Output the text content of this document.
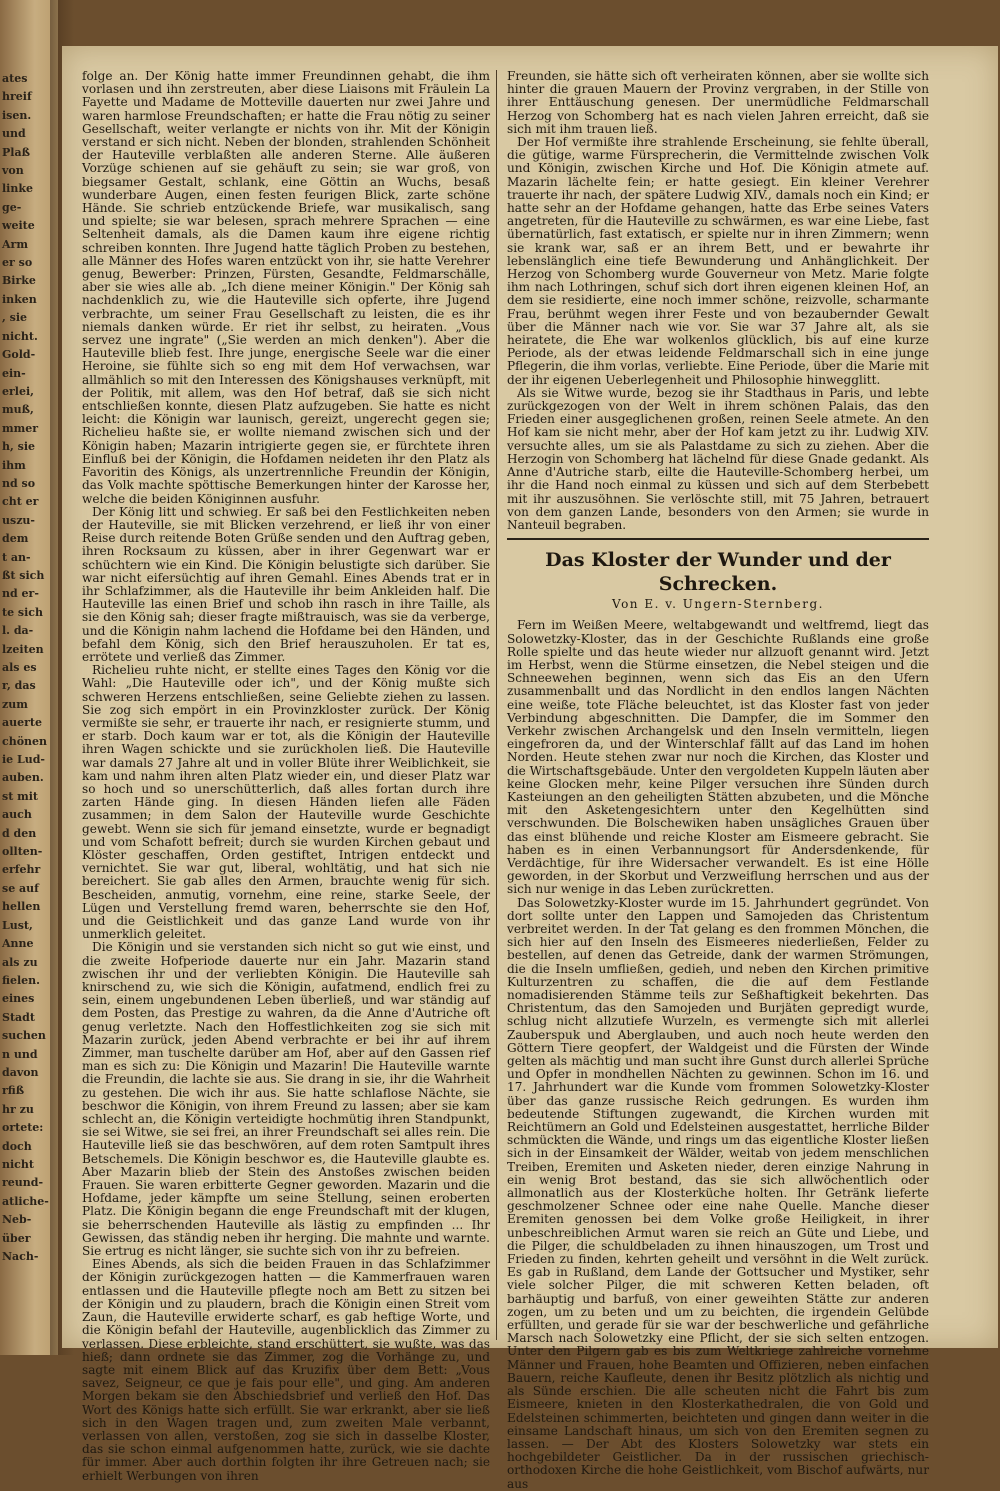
ates
hreif
isen.
und
Plaß
von
linke
ge-
weite
Arm
er so
Birke
inken
, sie
nicht.
Gold-
ein-
erlei,
muß,
mmer
h, sie
ihm
nd so
cht er
uszu-
dem
t an-
ßt sich
nd er-
te sich
l. da-
lzeiten
als es
r, das
zum
auerte
chönen
ie Lud-
auben.
st mit
auch
d den
ollten-
erfehr
se auf
hellen
Lust,
Anne
als zu
fielen.
eines
Stadt
suchen
n und
davon
rfiß
hr zu
ortete:
doch
nicht
reund-
atliche-
Neb-
über
Nach-

folge an. Der König hatte immer Freundinnen gehabt, die ihm vorlasen und ihn zerstreuten, aber diese Liaisons mit Fräulein La Fayette und Madame de Motteville dauerten nur zwei Jahre und waren harmlose Freundschaften; er hatte die Frau nötig zu seiner Gesellschaft, weiter verlangte er nichts von ihr. Mit der Königin verstand er sich nicht. Neben der blonden, strahlenden Schönheit der Hauteville verblaßten alle anderen Sterne. Alle äußeren Vorzüge schienen auf sie gehäuft zu sein; sie war groß, von biegsamer Gestalt, schlank, eine Göttin an Wuchs, besaß wunderbare Augen, einen festen feurigen Blick, zarte schöne Hände. Sie schrieb entzückende Briefe, war musikalisch, sang und spielte; sie war belesen, sprach mehrere Sprachen — eine Seltenheit damals, als die Damen kaum ihre eigene richtig schreiben konnten. Ihre Jugend hatte täglich Proben zu bestehen, alle Männer des Hofes waren entzückt von ihr, sie hatte Verehrer genug, Bewerber: Prinzen, Fürsten, Gesandte, Feldmarschälle, aber sie wies alle ab. „Ich diene meiner Königin." Der König sah nachdenklich zu, wie die Hauteville sich opferte, ihre Jugend verbrachte, um seiner Frau Gesellschaft zu leisten, die es ihr niemals danken würde. Er riet ihr selbst, zu heiraten. „Vous servez une ingrate" („Sie werden an mich denken"). Aber die Hauteville blieb fest. Ihre junge, energische Seele war die einer Heroine, sie fühlte sich so eng mit dem Hof verwachsen, war allmählich so mit den Interessen des Königshauses verknüpft, mit der Politik, mit allem, was den Hof betraf, daß sie sich nicht entschließen konnte, diesen Platz aufzugeben. Sie hatte es nicht leicht: die Königin war launisch, gereizt, ungerecht gegen sie; Richelieu haßte sie, er wollte niemand zwischen sich und der Königin haben; Mazarin intrigierte gegen sie, er fürchtete ihren Einfluß bei der Königin, die Hofdamen neideten ihr den Platz als Favoritin des Königs, als unzertrennliche Freundin der Königin, das Volk machte spöttische Bemerkungen hinter der Karosse her, welche die beiden Königinnen ausfuhr.

Der König litt und schwieg. Er saß bei den Festlichkeiten neben der Hauteville, sie mit Blicken verzehrend, er ließ ihr von einer Reise durch reitende Boten Grüße senden und den Auftrag geben, ihren Rocksaum zu küssen, aber in ihrer Gegenwart war er schüchtern wie ein Kind. Die Königin belustigte sich darüber. Sie war nicht eifersüchtig auf ihren Gemahl. Eines Abends trat er in ihr Schlafzimmer, als die Hauteville ihr beim Ankleiden half. Die Hauteville las einen Brief und schob ihn rasch in ihre Taille, als sie den König sah; dieser fragte mißtrauisch, was sie da verberge, und die Königin nahm lachend die Hofdame bei den Händen, und befahl dem König, sich den Brief herauszuholen. Er tat es, errötete und verließ das Zimmer.

Richelieu ruhte nicht, er stellte eines Tages den König vor die Wahl: „Die Hauteville oder ich", und der König mußte sich schweren Herzens entschließen, seine Geliebte ziehen zu lassen. Sie zog sich empört in ein Provinzkloster zurück. Der König vermißte sie sehr, er trauerte ihr nach, er resignierte stumm, und er starb. Doch kaum war er tot, als die Königin der Hauteville ihren Wagen schickte und sie zurückholen ließ. Die Hauteville war damals 27 Jahre alt und in voller Blüte ihrer Weiblichkeit, sie kam und nahm ihren alten Platz wieder ein, und dieser Platz war so hoch und so unerschütterlich, daß alles fortan durch ihre zarten Hände ging. In diesen Händen liefen alle Fäden zusammen; in dem Salon der Hauteville wurde Geschichte gewebt. Wenn sie sich für jemand einsetzte, wurde er begnadigt und vom Schafott befreit; durch sie wurden Kirchen gebaut und Klöster geschaffen, Orden gestiftet, Intrigen entdeckt und vernichtet. Sie war gut, liberal, wohltätig, und hat sich nie bereichert. Sie gab alles den Armen, brauchte wenig für sich. Bescheiden, anmutig, vornehm, eine reine, starke Seele, der Lügen und Verstellung fremd waren, beherrschte sie den Hof, und die Geistlichkeit und das ganze Land wurde von ihr unmerklich geleitet.

Die Königin und sie verstanden sich nicht so gut wie einst, und die zweite Hofperiode dauerte nur ein Jahr. Mazarin stand zwischen ihr und der verliebten Königin. Die Hauteville sah knirschend zu, wie sich die Königin, aufatmend, endlich frei zu sein, einem ungebundenen Leben überließ, und war ständig auf dem Posten, das Prestige zu wahren, da die Anne d'Autriche oft genug verletzte. Nach den Hoffestlichkeiten zog sie sich mit Mazarin zurück, jeden Abend verbrachte er bei ihr auf ihrem Zimmer, man tuschelte darüber am Hof, aber auf den Gassen rief man es sich zu: Die Königin und Mazarin! Die Hauteville warnte die Freundin, die lachte sie aus. Sie drang in sie, ihr die Wahrheit zu gestehen. Die wich ihr aus. Sie hatte schlaflose Nächte, sie beschwor die Königin, von ihrem Freund zu lassen; aber sie kam schlecht an, die Königin verteidigte hochmütig ihren Standpunkt, sie sei Witwe, sie sei frei, an ihrer Freundschaft sei alles rein. Die Hauteville ließ sie das beschwören, auf dem roten Samtpult ihres Betschemels. Die Königin beschwor es, die Hauteville glaubte es. Aber Mazarin blieb der Stein des Anstoßes zwischen beiden Frauen. Sie waren erbitterte Gegner geworden. Mazarin und die Hofdame, jeder kämpfte um seine Stellung, seinen eroberten Platz. Die Königin begann die enge Freundschaft mit der klugen, sie beherrschenden Hauteville als lästig zu empfinden ... Ihr Gewissen, das ständig neben ihr herging. Die mahnte und warnte. Sie ertrug es nicht länger, sie suchte sich von ihr zu befreien.

Eines Abends, als sich die beiden Frauen in das Schlafzimmer der Königin zurückgezogen hatten — die Kammerfrauen waren entlassen und die Hauteville pflegte noch am Bett zu sitzen bei der Königin und zu plaudern, brach die Königin einen Streit vom Zaun, die Hauteville erwiderte scharf, es gab heftige Worte, und die Königin befahl der Hauteville, augenblicklich das Zimmer zu verlassen. Diese erbleichte, stand erschüttert, sie wußte, was das hieß; dann ordnete sie das Zimmer, zog die Vorhänge zu, und sagte mit einem Blick auf das Kruzifix über dem Bett: „Vous savez, Seigneur, ce que je fais pour elle", und ging. Am anderen Morgen bekam sie den Abschiedsbrief und verließ den Hof. Das Wort des Königs hatte sich erfüllt. Sie war erkrankt, aber sie ließ sich in den Wagen tragen und, zum zweiten Male verbannt, verlassen von allen, verstoßen, zog sie sich in dasselbe Kloster, das sie schon einmal aufgenommen hatte, zurück, wie sie dachte für immer. Aber auch dorthin folgten ihr ihre Getreuen nach; sie erhielt Werbungen von ihren

Freunden, sie hätte sich oft verheiraten können, aber sie wollte sich hinter die grauen Mauern der Provinz vergraben, in der Stille von ihrer Enttäuschung genesen. Der unermüdliche Feldmarschall Herzog von Schomberg hat es nach vielen Jahren erreicht, daß sie sich mit ihm trauen ließ.

Der Hof vermißte ihre strahlende Erscheinung, sie fehlte überall, die gütige, warme Fürsprecherin, die Vermittelnde zwischen Volk und Königin, zwischen Kirche und Hof. Die Königin atmete auf. Mazarin lächelte fein; er hatte gesiegt. Ein kleiner Verehrer trauerte ihr nach, der spätere Ludwig XIV., damals noch ein Kind; er hatte sehr an der Hofdame gehangen, hatte das Erbe seines Vaters angetreten, für die Hauteville zu schwärmen, es war eine Liebe, fast übernatürlich, fast extatisch, er spielte nur in ihren Zimmern; wenn sie krank war, saß er an ihrem Bett, und er bewahrte ihr lebenslänglich eine tiefe Bewunderung und Anhänglichkeit. Der Herzog von Schomberg wurde Gouverneur von Metz. Marie folgte ihm nach Lothringen, schuf sich dort ihren eigenen kleinen Hof, an dem sie residierte, eine noch immer schöne, reizvolle, scharmante Frau, berühmt wegen ihrer Feste und von bezaubernder Gewalt über die Männer nach wie vor. Sie war 37 Jahre alt, als sie heiratete, die Ehe war wolkenlos glücklich, bis auf eine kurze Periode, als der etwas leidende Feldmarschall sich in eine junge Pflegerin, die ihm vorlas, verliebte. Eine Periode, über die Marie mit der ihr eigenen Ueberlegenheit und Philosophie hinwegglitt.

Als sie Witwe wurde, bezog sie ihr Stadthaus in Paris, und lebte zurückgezogen von der Welt in ihrem schönen Palais, das den Frieden einer ausgeglichenen großen, reinen Seele atmete. An den Hof kam sie nicht mehr, aber der Hof kam jetzt zu ihr. Ludwig XIV. versuchte alles, um sie als Palastdame zu sich zu ziehen. Aber die Herzogin von Schomberg hat lächelnd für diese Gnade gedankt. Als Anne d'Autriche starb, eilte die Hauteville-Schomberg herbei, um ihr die Hand noch einmal zu küssen und sich auf dem Sterbebett mit ihr auszusöhnen. Sie verlöschte still, mit 75 Jahren, betrauert von dem ganzen Lande, besonders von den Armen; sie wurde in Nanteuil begraben.

Das Kloster der Wunder und der Schrecken.
Von E. v. Ungern-Sternberg.

Fern im Weißen Meere, weltabgewandt und weltfremd, liegt das Solowetzky-Kloster, das in der Geschichte Rußlands eine große Rolle spielte und das heute wieder nur allzuoft genannt wird. Jetzt im Herbst, wenn die Stürme einsetzen, die Nebel steigen und die Schneewehen beginnen, wenn sich das Eis an den Ufern zusammenballt und das Nordlicht in den endlos langen Nächten eine weiße, tote Fläche beleuchtet, ist das Kloster fast von jeder Verbindung abgeschnitten. Die Dampfer, die im Sommer den Verkehr zwischen Archangelsk und den Inseln vermitteln, liegen eingefroren da, und der Winterschlaf fällt auf das Land im hohen Norden. Heute stehen zwar nur noch die Kirchen, das Kloster und die Wirtschaftsgebäude. Unter den vergoldeten Kuppeln läuten aber keine Glocken mehr, keine Pilger versuchen ihre Sünden durch Kasteiungen an den geheiligten Stätten abzubeten, und die Mönche mit den Asketengesichtern unter den Kegelhütten sind verschwunden. Die Bolschewiken haben unsägliches Grauen über das einst blühende und reiche Kloster am Eismeere gebracht. Sie haben es in einen Verbannungsort für Andersdenkende, für Verdächtige, für ihre Widersacher verwandelt. Es ist eine Hölle geworden, in der Skorbut und Verzweiflung herrschen und aus der sich nur wenige in das Leben zurückretten.

Das Solowetzky-Kloster wurde im 15. Jahrhundert gegründet. Von dort sollte unter den Lappen und Samojeden das Christentum verbreitet werden. In der Tat gelang es den frommen Mönchen, die sich hier auf den Inseln des Eismeeres niederließen, Felder zu bestellen, auf denen das Getreide, dank der warmen Strömungen, die die Inseln umfließen, gedieh, und neben den Kirchen primitive Kulturzentren zu schaffen, die die auf dem Festlande nomadisierenden Stämme teils zur Seßhaftigkeit bekehrten. Das Christentum, das den Samojeden und Burjäten gepredigt wurde, schlug nicht allzutiefe Wurzeln, es vermengte sich mit allerlei Zauberspuk und Aberglauben, und auch noch heute werden den Göttern Tiere geopfert, der Waldgeist und die Fürsten der Winde gelten als mächtig und man sucht ihre Gunst durch allerlei Sprüche und Opfer in mondhellen Nächten zu gewinnen. Schon im 16. und 17. Jahrhundert war die Kunde vom frommen Solowetzky-Kloster über das ganze russische Reich gedrungen. Es wurden ihm bedeutende Stiftungen zugewandt, die Kirchen wurden mit Reichtümern an Gold und Edelsteinen ausgestattet, herrliche Bilder schmückten die Wände, und rings um das eigentliche Kloster ließen sich in der Einsamkeit der Wälder, weitab von jedem menschlichen Treiben, Eremiten und Asketen nieder, deren einzige Nahrung in ein wenig Brot bestand, das sie sich allwöchentlich oder allmonatlich aus der Klosterküche holten. Ihr Getränk lieferte geschmolzener Schnee oder eine nahe Quelle. Manche dieser Eremiten genossen bei dem Volke große Heiligkeit, in ihrer unbeschreiblichen Armut waren sie reich an Güte und Liebe, und die Pilger, die schuldbeladen zu ihnen hinauszogen, um Trost und Frieden zu finden, kehrten geheilt und versöhnt in die Welt zurück. Es gab in Rußland, dem Lande der Gottsucher und Mystiker, sehr viele solcher Pilger, die mit schweren Ketten beladen, oft barhäuptig und barfuß, von einer geweihten Stätte zur anderen zogen, um zu beten und um zu beichten, die irgendein Gelübde erfüllten, und gerade für sie war der beschwerliche und gefährliche Marsch nach Solowetzky eine Pflicht, der sie sich selten entzogen. Unter den Pilgern gab es bis zum Weltkriege zahlreiche vornehme Männer und Frauen, hohe Beamten und Offizieren, neben einfachen Bauern, reiche Kaufleute, denen ihr Besitz plötzlich als nichtig und als Sünde erschien. Die alle scheuten nicht die Fahrt bis zum Eismeere, knieten in den Klosterkathedralen, die von Gold und Edelsteinen schimmerten, beichteten und gingen dann weiter in die einsame Landschaft hinaus, um sich von den Eremiten segnen zu lassen. — Der Abt des Klosters Solowetzky war stets ein hochgebildeter Geistlicher. Da in der russischen griechisch-orthodoxen Kirche die hohe Geistlichkeit, vom Bischof aufwärts, nur aus
